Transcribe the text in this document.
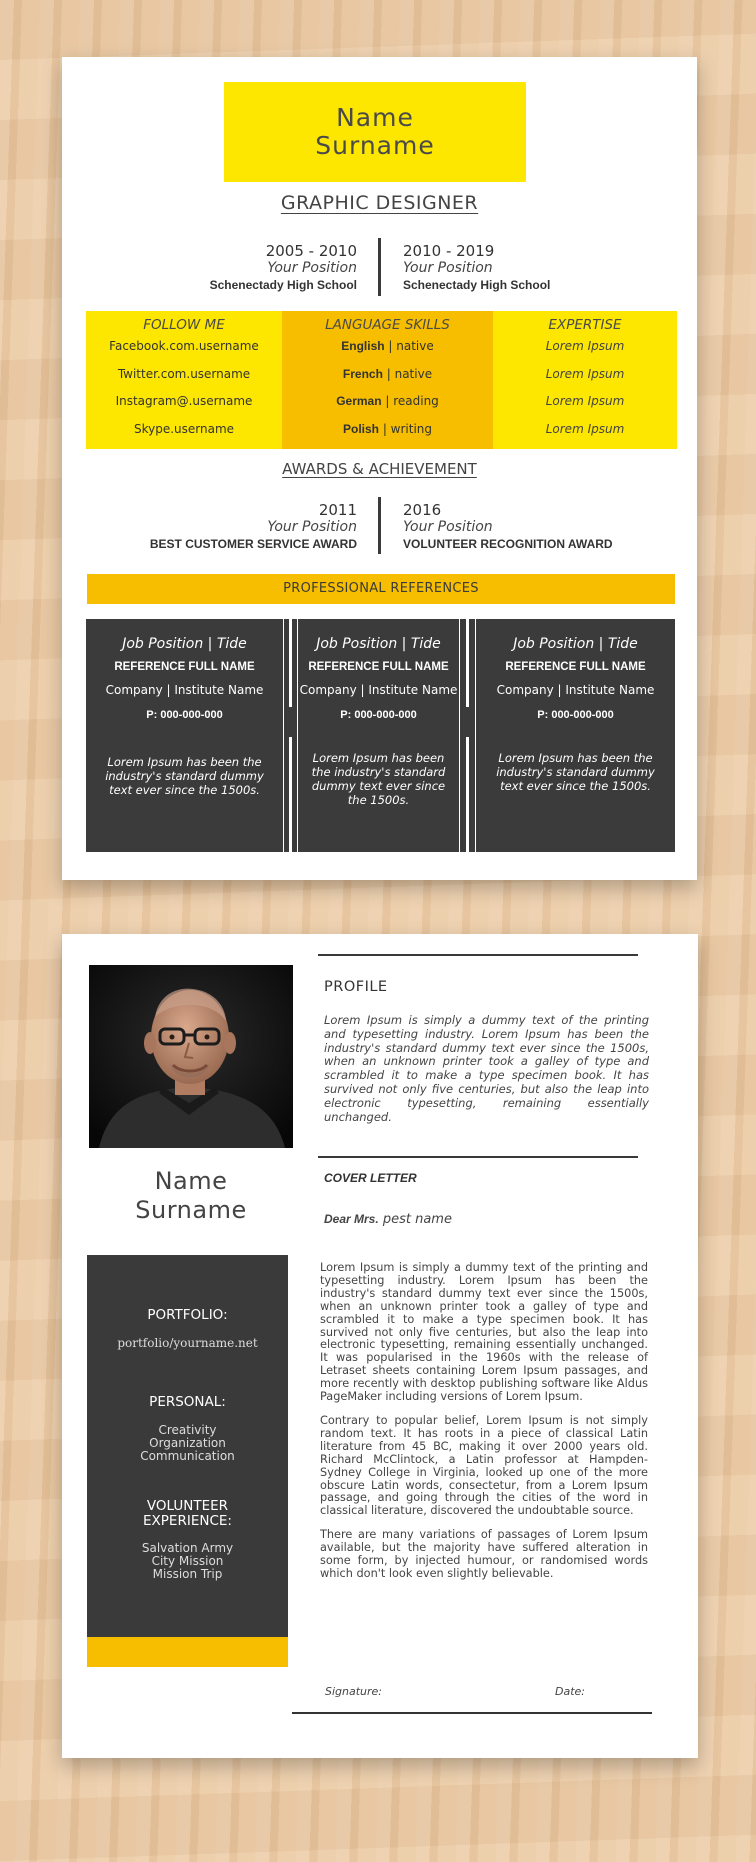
Name
Surname
GRAPHIC DESIGNER
2005 - 2010
Your Position
Schenectady High School
2010 - 2019
Your Position
Schenectady High School
FOLLOW ME
Facebook.com.username
Twitter.com.username
Instagram@.username
Skype.username
LANGUAGE SKILLS
English | native
French | native
German | reading
Polish | writing
EXPERTISE
Lorem Ipsum
Lorem Ipsum
Lorem Ipsum
Lorem Ipsum
AWARDS & ACHIEVEMENT
2011
Your Position
BEST CUSTOMER SERVICE AWARD
2016
Your Position
VOLUNTEER RECOGNITION AWARD
PROFESSIONAL REFERENCES
Job Position | Tide
REFERENCE FULL NAME
Company | Institute Name
P: 000-000-000
Lorem Ipsum has been the industry's standard dummy text ever since the 1500s.
Job Position | Tide
REFERENCE FULL NAME
Company | Institute Name
P: 000-000-000
Lorem Ipsum has been the industry's standard dummy text ever since the 1500s.
Job Position | Tide
REFERENCE FULL NAME
Company | Institute Name
P: 000-000-000
Lorem Ipsum has been the industry's standard dummy text ever since the 1500s.
PROFILE
Lorem Ipsum is simply a dummy text of the printing and typesetting industry. Lorem Ipsum has been the industry's standard dummy text ever since the 1500s, when an unknown printer took a galley of type and scrambled it to make a type specimen book. It has survived not only five centuries, but also the leap into electronic typesetting, remaining essentially unchanged.
COVER LETTER
Dear Mrs. pest name
Name
Surname
PORTFOLIO:
portfolio/yourname.net
PERSONAL:
Creativity
Organization
Communication
VOLUNTEER
EXPERIENCE:
Salvation Army
City Mission
Mission Trip

Lorem Ipsum is simply a dummy text of the printing and typesetting industry. Lorem Ipsum has been the industry's standard dummy text ever since the 1500s, when an unknown printer took a galley of type and scrambled it to make a type specimen book. It has survived not only five centuries, but also the leap into electronic typesetting, remaining essentially unchanged. It was popularised in the 1960s with the release of Letraset sheets containing Lorem Ipsum passages, and more recently with desktop publishing software like Aldus PageMaker including versions of Lorem Ipsum.

Contrary to popular belief, Lorem Ipsum is not simply random text. It has roots in a piece of classical Latin literature from 45 BC, making it over 2000 years old. Richard McClintock, a Latin professor at Hampden-Sydney College in Virginia, looked up one of the more obscure Latin words, consectetur, from a Lorem Ipsum passage, and going through the cities of the word in classical literature, discovered the undoubtable source.

There are many variations of passages of Lorem Ipsum available, but the majority have suffered alteration in some form, by injected humour, or randomised words which don't look even slightly believable.

Signature:	Date:
